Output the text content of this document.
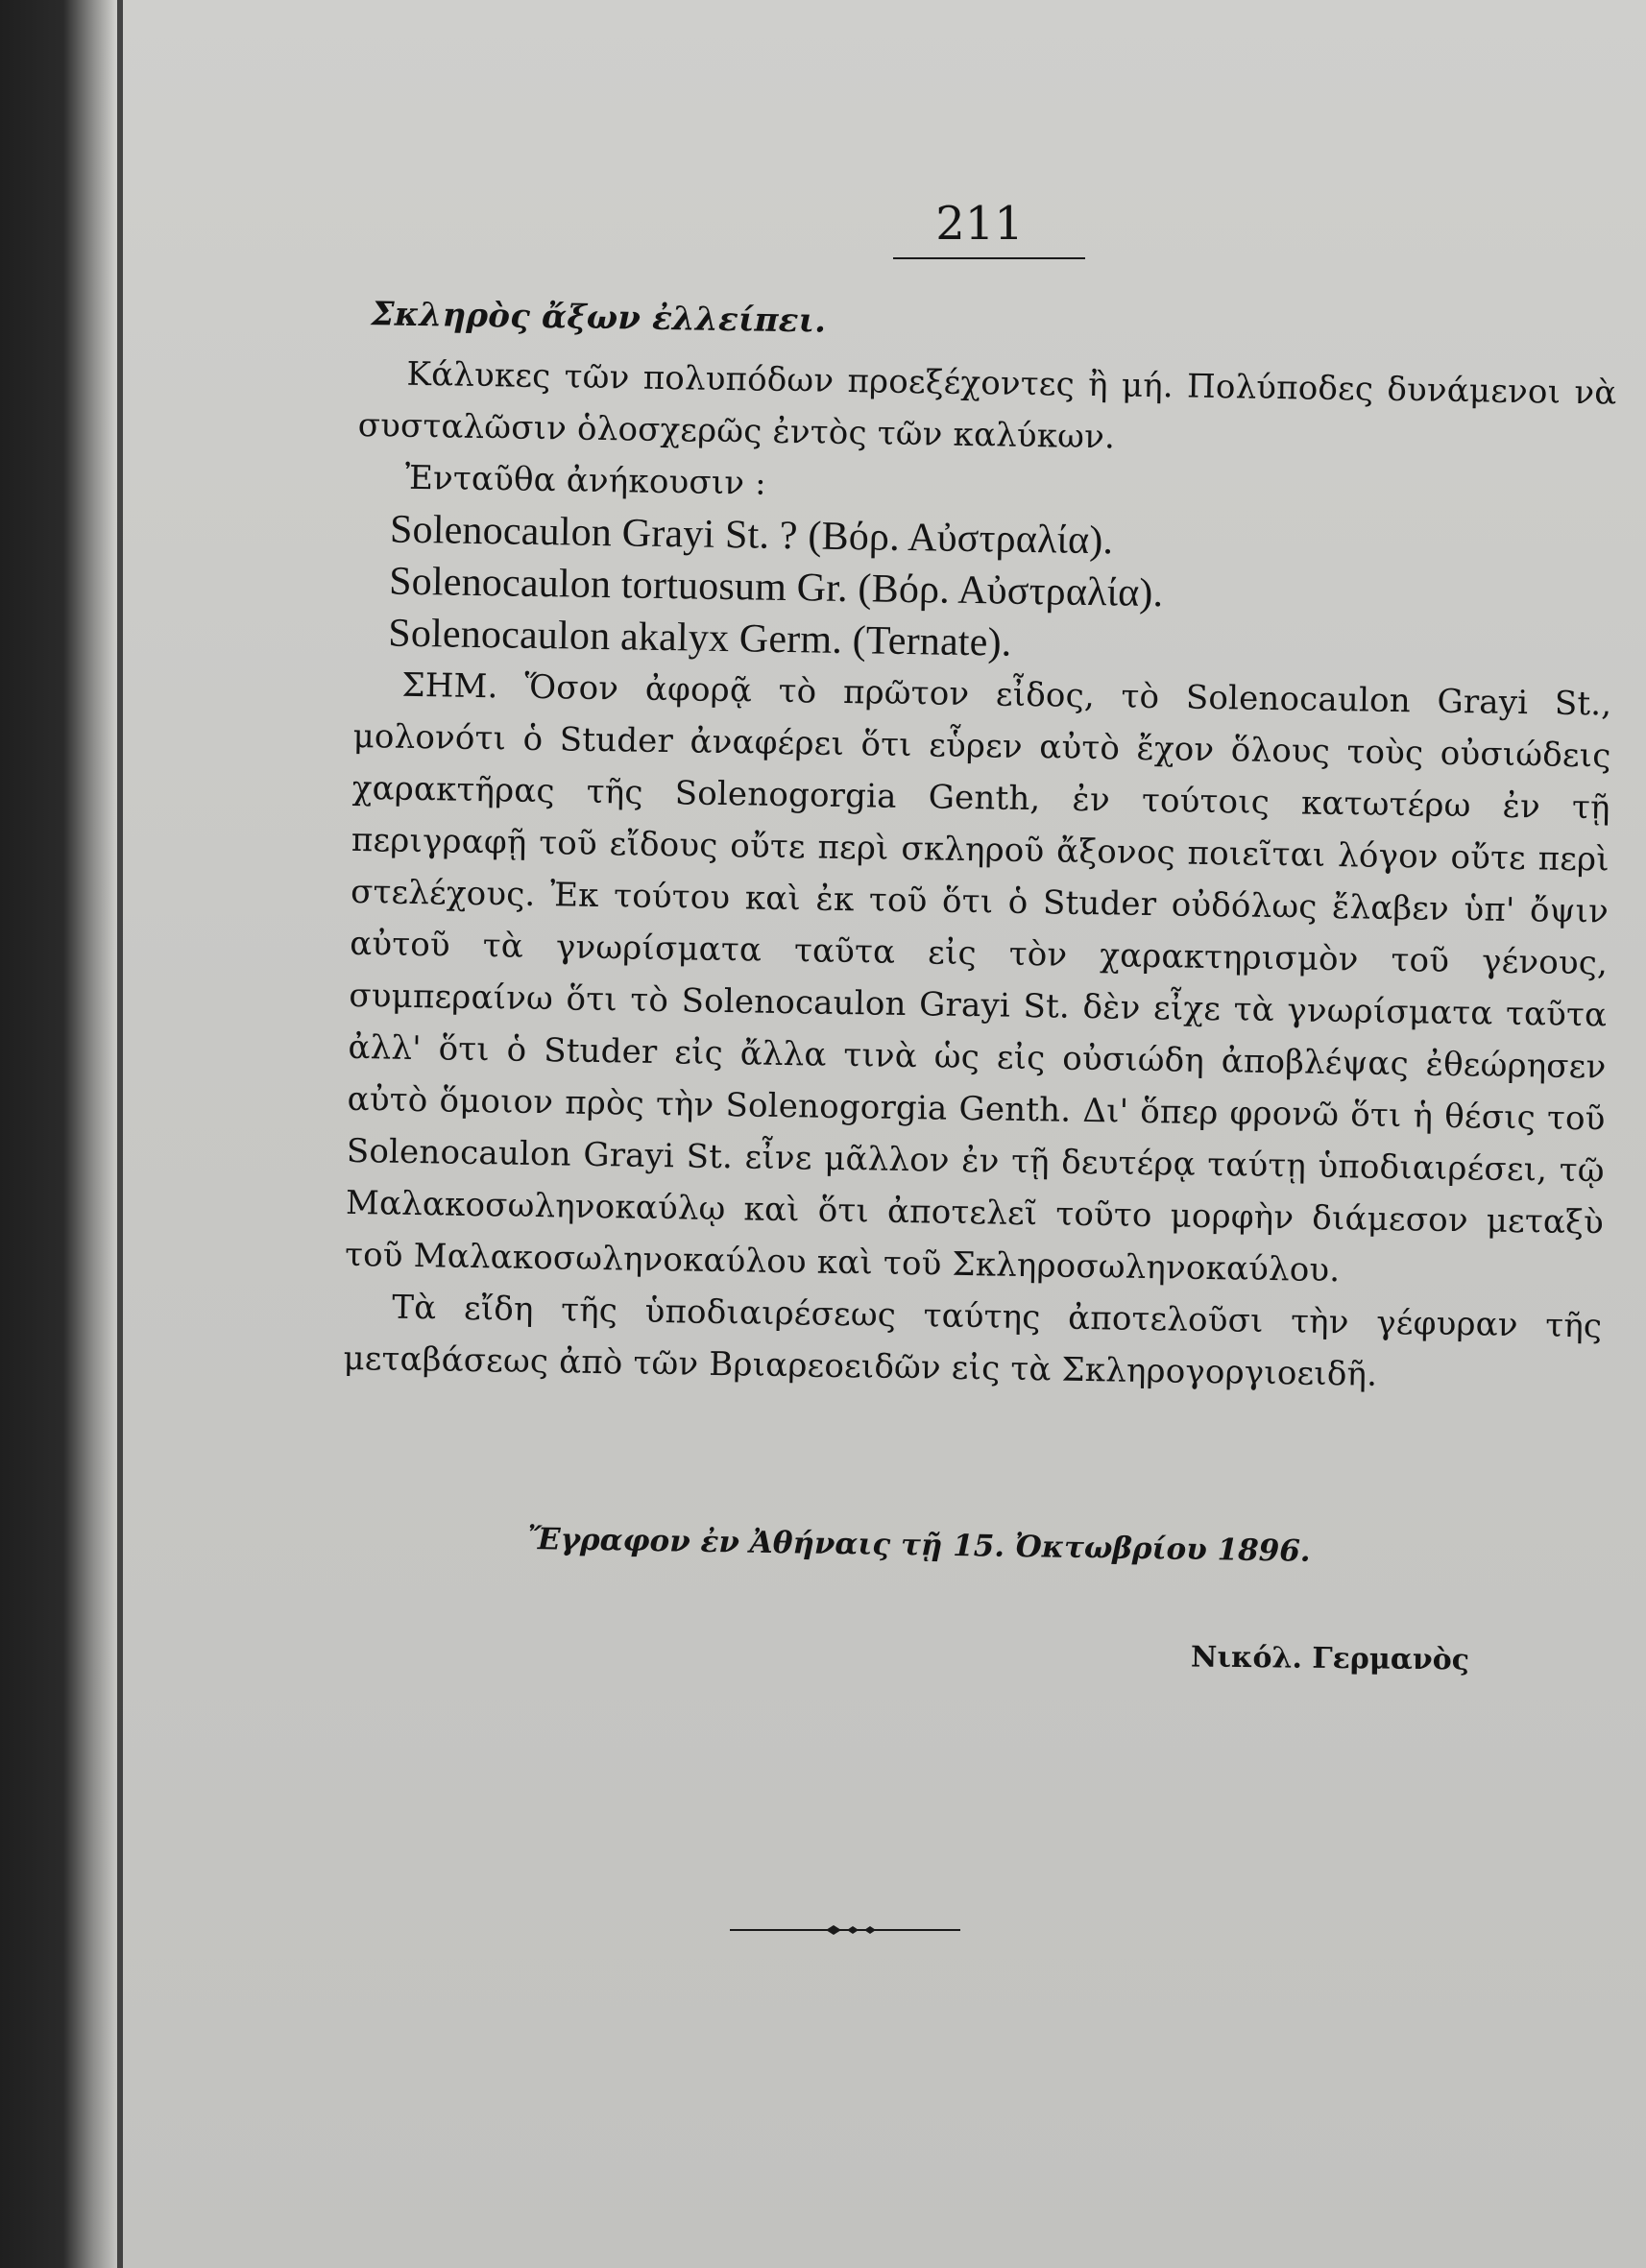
211

Σκληρὸς ἄξων ἐλλείπει.

Κάλυκες τῶν πολυπόδων προεξέχοντες ἢ μή. Πολύποδες δυνάμενοι νὰ συσταλῶσιν ὁλοσχερῶς ἐντὸς τῶν καλύκων.

Ἐνταῦθα ἀνήκουσιν :

Solenocaulon Grayi St. ? (Βόρ. Αὐστραλία).

Solenocaulon tortuosum Gr. (Βόρ. Αὐστραλία).

Solenocaulon akalyx Germ. (Ternate).

ΣΗΜ. Ὅσον ἀφορᾷ τὸ πρῶτον εἶδος, τὸ Solenocaulon Grayi St., μολονότι ὁ Studer ἀναφέρει ὅτι εὗρεν αὐτὸ ἔχον ὅλους τοὺς οὐσιώδεις χαρακτῆρας τῆς Solenogorgia Genth, ἐν τούτοις κατωτέρω ἐν τῇ περιγραφῇ τοῦ εἴδους οὔτε περὶ σκληροῦ ἄξονος ποιεῖται λόγον οὔτε περὶ στελέχους. Ἐκ τούτου καὶ ἐκ τοῦ ὅτι ὁ Studer οὐδόλως ἔλαβεν ὑπ' ὄψιν αὐτοῦ τὰ γνωρίσματα ταῦτα εἰς τὸν χαρακτηρισμὸν τοῦ γένους, συμπεραίνω ὅτι τὸ Solenocaulon Grayi St. δὲν εἶχε τὰ γνωρίσματα ταῦτα ἀλλ' ὅτι ὁ Studer εἰς ἄλλα τινὰ ὡς εἰς οὐσιώδη ἀποβλέψας ἐθεώρησεν αὐτὸ ὅμοιον πρὸς τὴν Solenogorgia Genth. Δι' ὅπερ φρονῶ ὅτι ἡ θέσις τοῦ Solenocaulon Grayi St. εἶνε μᾶλλον ἐν τῇ δευτέρᾳ ταύτῃ ὑποδιαιρέσει, τῷ Μαλακοσωληνοκαύλῳ καὶ ὅτι ἀποτελεῖ τοῦτο μορφὴν διάμεσον μεταξὺ τοῦ Μαλακοσωληνοκαύλου καὶ τοῦ Σκληροσωληνοκαύλου.

Τὰ εἴδη τῆς ὑποδιαιρέσεως ταύτης ἀποτελοῦσι τὴν γέφυραν τῆς μεταβάσεως ἀπὸ τῶν Βριαρεοειδῶν εἰς τὰ Σκληρογοργιοειδῆ.

Ἔγραφον ἐν Ἀθήναις τῇ 15. Ὀκτωβρίου 1896.
Νικόλ. Γερμανὸς
